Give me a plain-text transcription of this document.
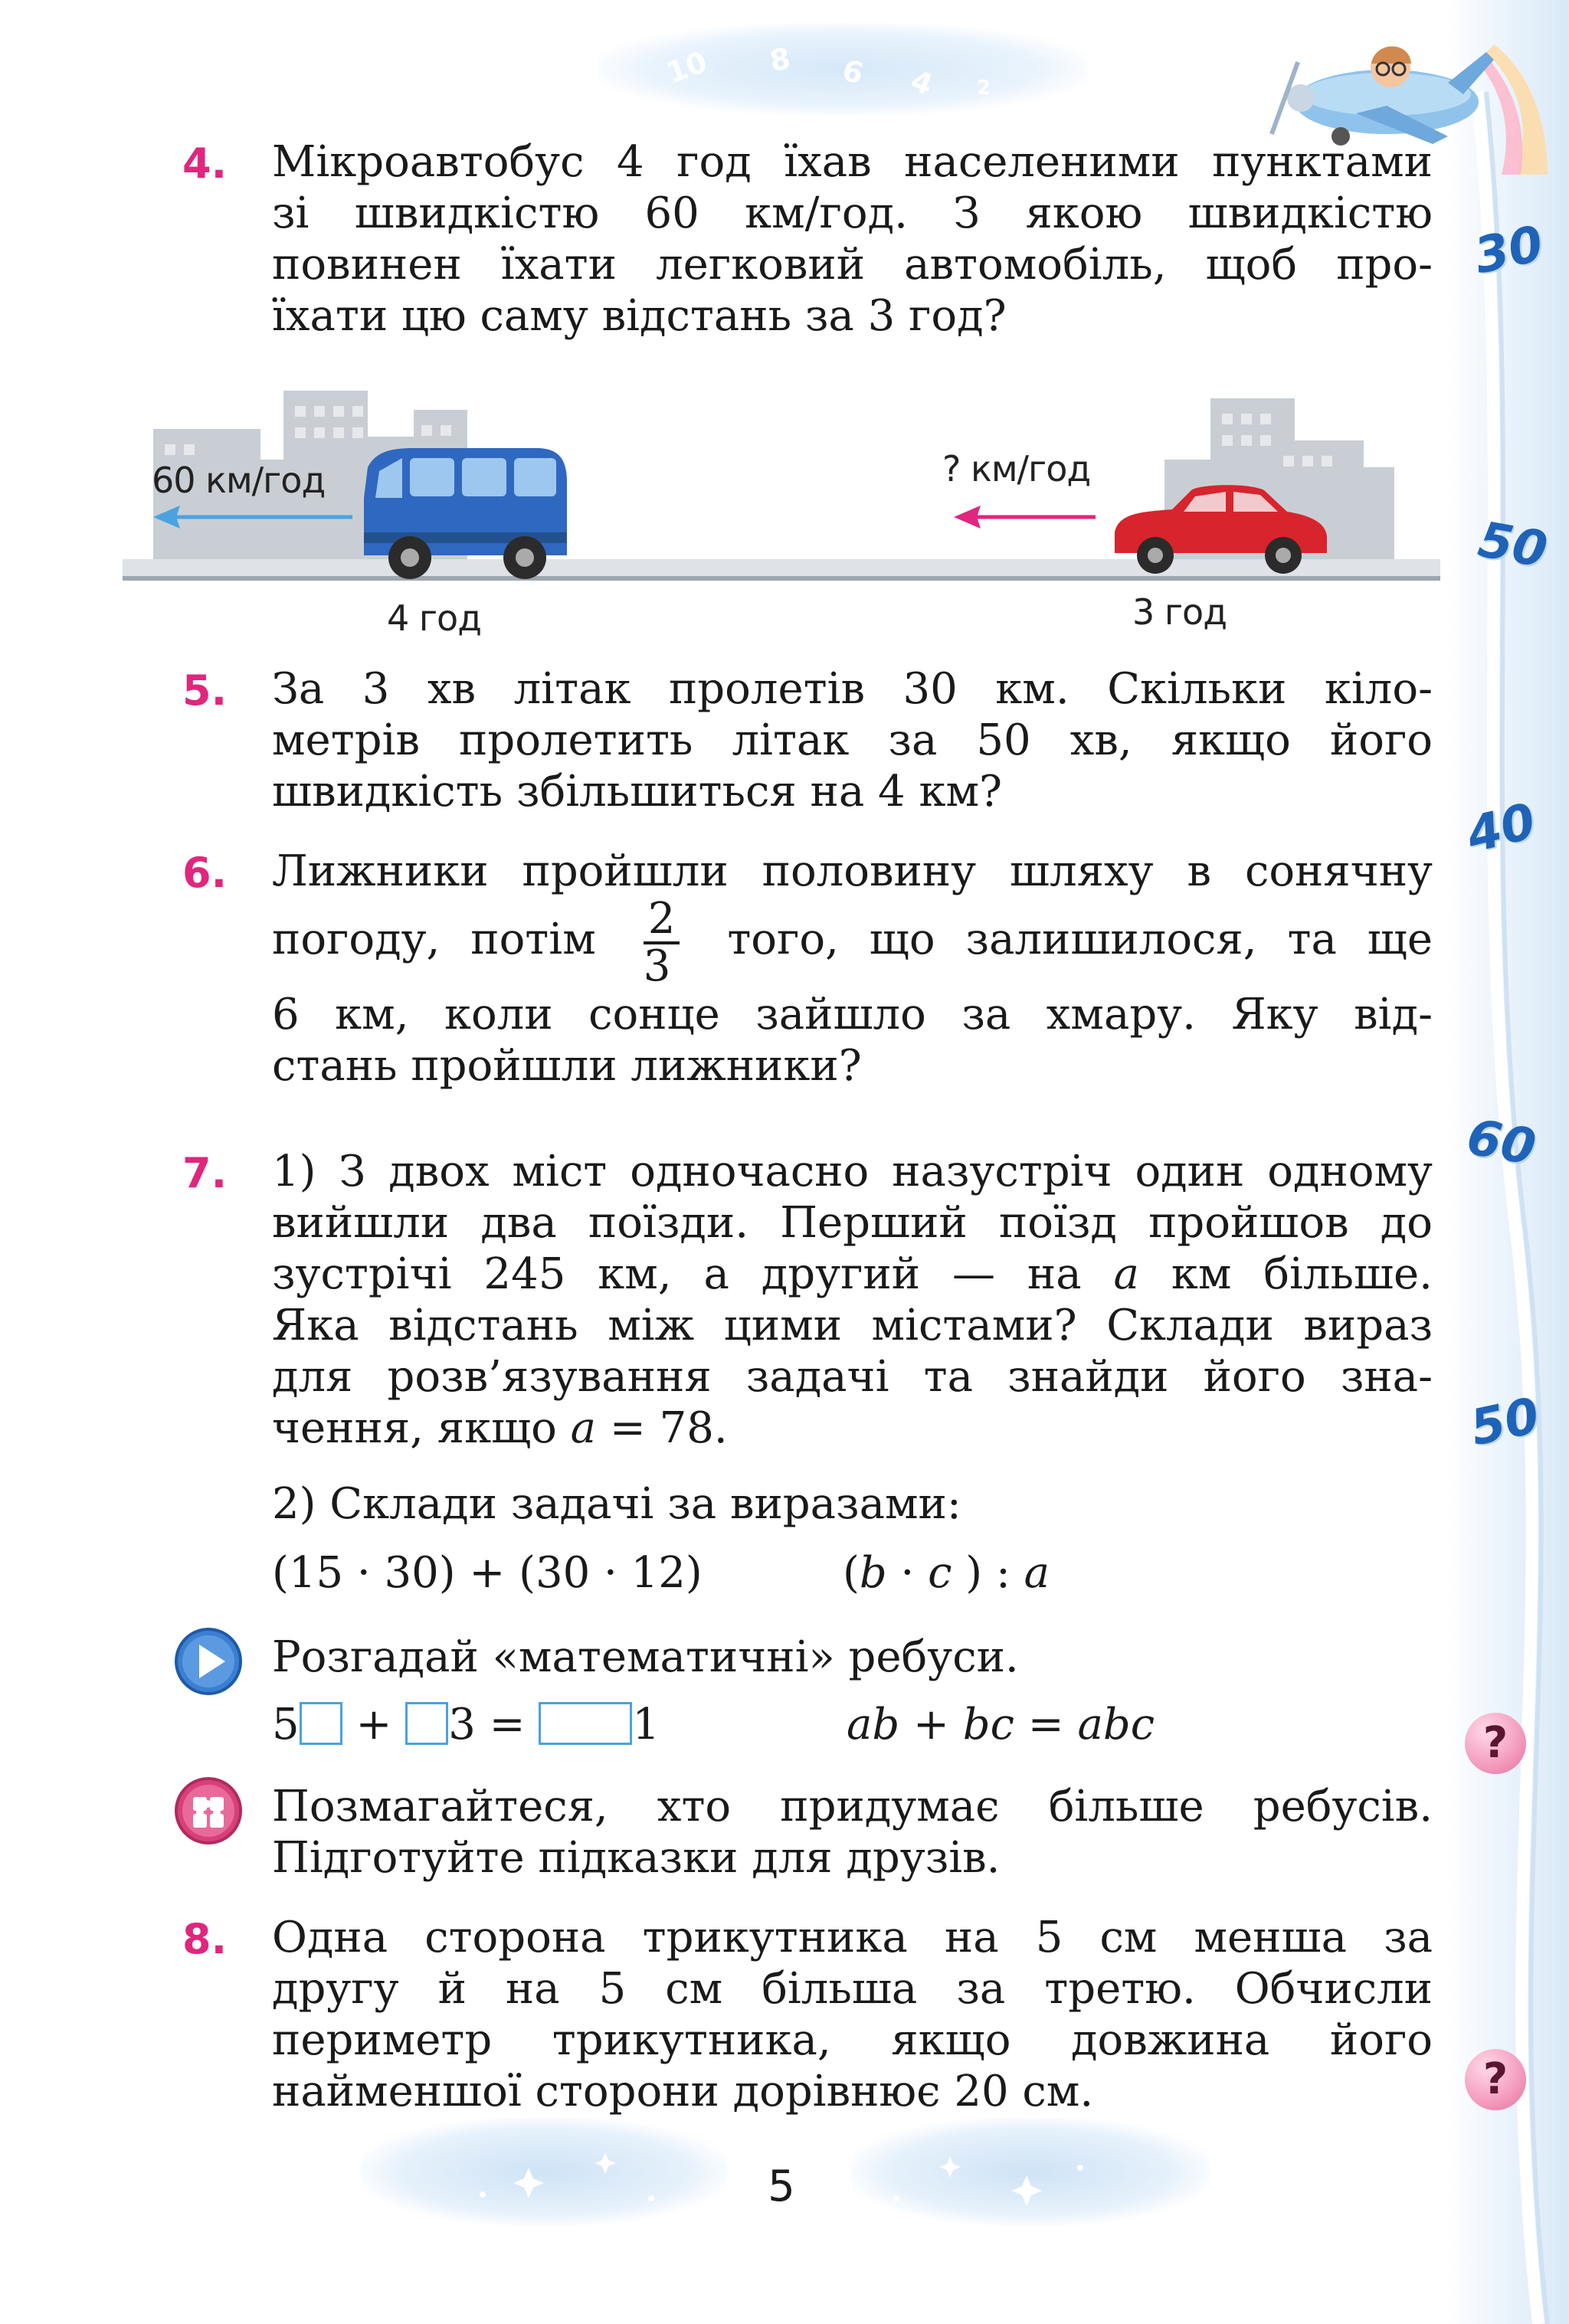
30
50
40
60
50
10 8 6 4 2
4. Мікроавтобус 4 год їхав населеними пунктами
зі швидкістю 60 км/год. З якою швидкістю
повинен їхати легковий автомобіль, щоб про-
їхати цю саму відстань за 3 год?
60 км/год	? км/год
4 год	3 год
5. За 3 хв літак пролетів 30 км. Скільки кіло-
метрів пролетить літак за 50 хв, якщо його
швидкість збільшиться на 4 км?
6. Лижники пройшли половину шляху в сонячну
погоду, потім $\frac{2}{3}$ того, що залишилося, та ще
6 км, коли сонце зайшло за хмару. Яку від-
стань пройшли лижники?
7. 1) З двох міст одночасно назустріч один одному
вийшли два поїзди. Перший поїзд пройшов до
зустрічі 245 км, а другий — на a км більше.
Яка відстань між цими містами? Склади вираз
для розв’язування задачі та знайди його зна-
чення, якщо a = 78.
2) Склади задачі за виразами:
(15 · 30) + (30 · 12)	(b · c ) : a
Розгадай «математичні» ребуси.
5 + 3 = 1	ab + bc = abc
Позмагайтеся, хто придумає більше ребусів.
Підготуйте підказки для друзів.
8. Одна сторона трикутника на 5 см менша за
другу й на 5 см більша за третю. Обчисли
периметр трикутника, якщо довжина його
найменшої сторони дорівнює 20 см.
?
?
5
